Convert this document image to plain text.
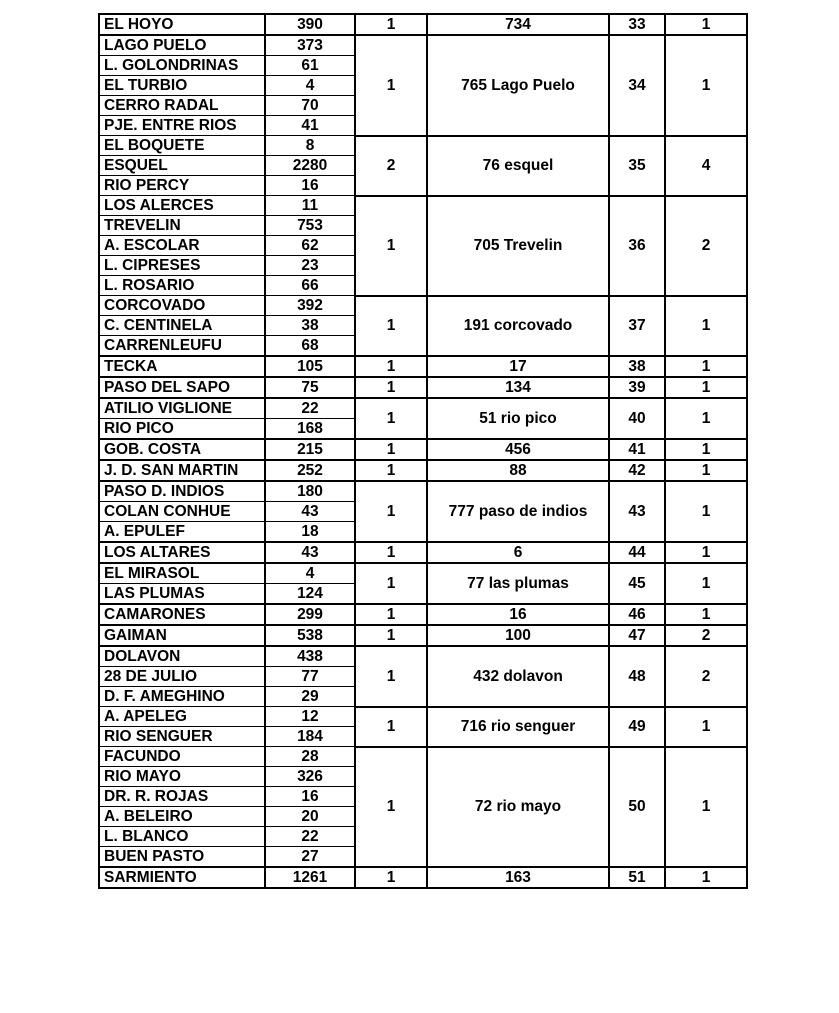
EL HOYO	390	1	734	33	1
LAGO PUELO	373	1	765 Lago Puelo	34	1
L. GOLONDRINAS	61				
EL TURBIO	4				
CERRO RADAL	70				
PJE. ENTRE RIOS	41				
EL BOQUETE	8	2	76 esquel	35	4
ESQUEL	2280				
RIO PERCY	16				
LOS ALERCES	11	1	705 Trevelin	36	2
TREVELIN	753				
A. ESCOLAR	62				
L. CIPRESES	23				
L. ROSARIO	66				
CORCOVADO	392	1	191 corcovado	37	1
C. CENTINELA	38				
CARRENLEUFU	68				
TECKA	105	1	17	38	1
PASO DEL SAPO	75	1	134	39	1
ATILIO VIGLIONE	22	1	51 rio pico	40	1
RIO PICO	168				
GOB. COSTA	215	1	456	41	1
J. D. SAN MARTIN	252	1	88	42	1
PASO D. INDIOS	180	1	777 paso de indios	43	1
COLAN CONHUE	43				
A. EPULEF	18				
LOS ALTARES	43	1	6	44	1
EL MIRASOL	4	1	77 las plumas	45	1
LAS PLUMAS	124				
CAMARONES	299	1	16	46	1
GAIMAN	538	1	100	47	2
DOLAVON	438	1	432 dolavon	48	2
28 DE JULIO	77				
D. F. AMEGHINO	29				
A. APELEG	12	1	716 rio senguer	49	1
RIO SENGUER	184				
FACUNDO	28	1	72 rio mayo	50	1
RIO MAYO	326				
DR. R. ROJAS	16				
A. BELEIRO	20				
L. BLANCO	22				
BUEN PASTO	27				
SARMIENTO	1261	1	163	51	1
